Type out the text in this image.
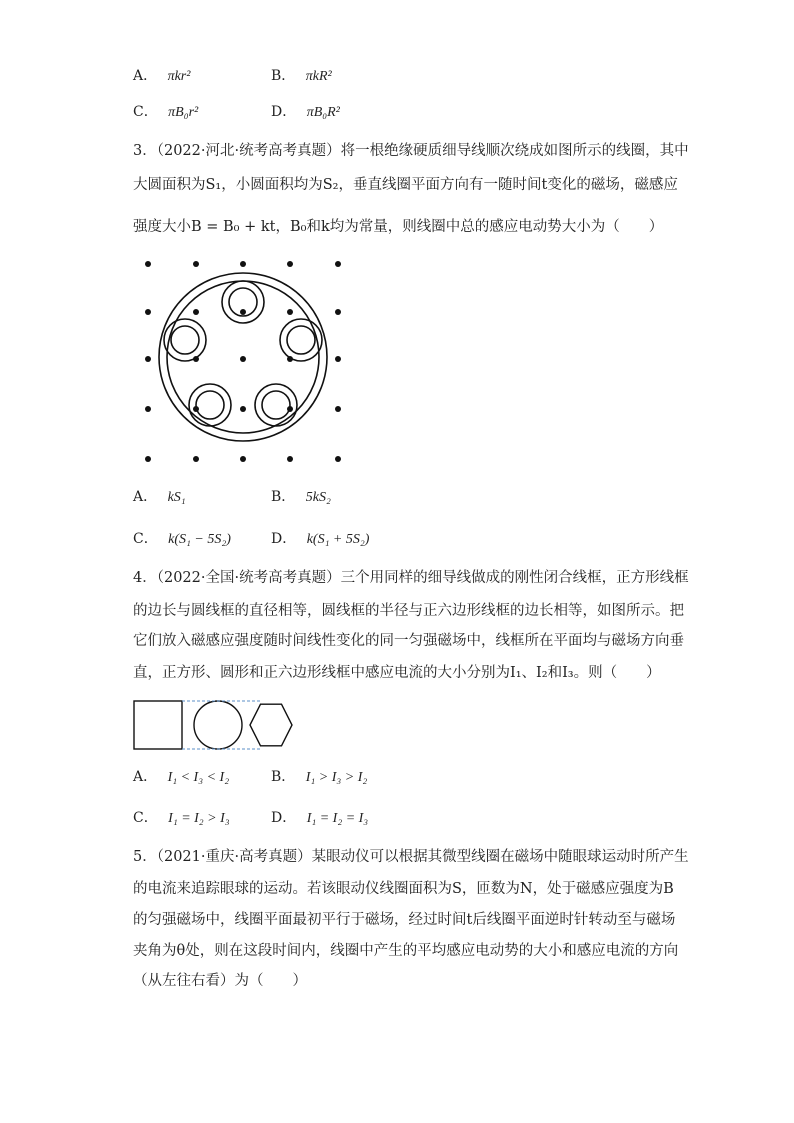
A． πkr²	B． πkR²
C． πB₀r²	D． πB₀R²
3．（2022·河北·统考高考真题）将一根绝缘硬质细导线顺次绕成如图所示的线圈，其中
大圆面积为S₁，小圆面积均为S₂，垂直线圈平面方向有一随时间t变化的磁场，磁感应
强度大小B = B₀ + kt，B₀和k均为常量，则线圈中总的感应电动势大小为（　　）
A． kS₁	B． 5kS₂
C． k(S₁ − 5S₂)	D． k(S₁ + 5S₂)
4．（2022·全国·统考高考真题）三个用同样的细导线做成的刚性闭合线框，正方形线框
的边长与圆线框的直径相等，圆线框的半径与正六边形线框的边长相等，如图所示。把
它们放入磁感应强度随时间线性变化的同一匀强磁场中，线框所在平面均与磁场方向垂
直，正方形、圆形和正六边形线框中感应电流的大小分别为I₁、I₂和I₃。则（　　）
A． I₁ < I₃ < I₂	B． I₁ > I₃ > I₂
C． I₁ = I₂ > I₃	D． I₁ = I₂ = I₃
5．（2021·重庆·高考真题）某眼动仪可以根据其微型线圈在磁场中随眼球运动时所产生
的电流来追踪眼球的运动。若该眼动仪线圈面积为S，匝数为N，处于磁感应强度为B
的匀强磁场中，线圈平面最初平行于磁场，经过时间t后线圈平面逆时针转动至与磁场
夹角为θ处，则在这段时间内，线圈中产生的平均感应电动势的大小和感应电流的方向
（从左往右看）为（　　）
